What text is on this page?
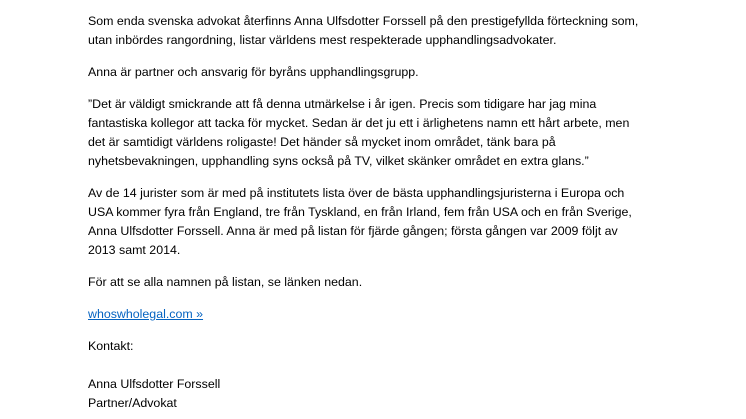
Som enda svenska advokat återfinns Anna Ulfsdotter Forssell på den prestigefyllda förteckning som,

utan inbördes rangordning, listar världens mest respekterade upphandlingsadvokater.

Anna är partner och ansvarig för byråns upphandlingsgrupp.

”Det är väldigt smickrande att få denna utmärkelse i år igen. Precis som tidigare har jag mina

fantastiska kollegor att tacka för mycket. Sedan är det ju ett i ärlighetens namn ett hårt arbete, men

det är samtidigt världens roligaste! Det händer så mycket inom området, tänk bara på

nyhetsbevakningen, upphandling syns också på TV, vilket skänker området en extra glans.”

Av de 14 jurister som är med på institutets lista över de bästa upphandlingsjuristerna i Europa och

USA kommer fyra från England, tre från Tyskland, en från Irland, fem från USA och en från Sverige,

Anna Ulfsdotter Forssell. Anna är med på listan för fjärde gången; första gången var 2009 följt av

2013 samt 2014.

För att se alla namnen på listan, se länken nedan.

whoswholegal.com »

Kontakt:

Anna Ulfsdotter Forssell

Partner/Advokat
